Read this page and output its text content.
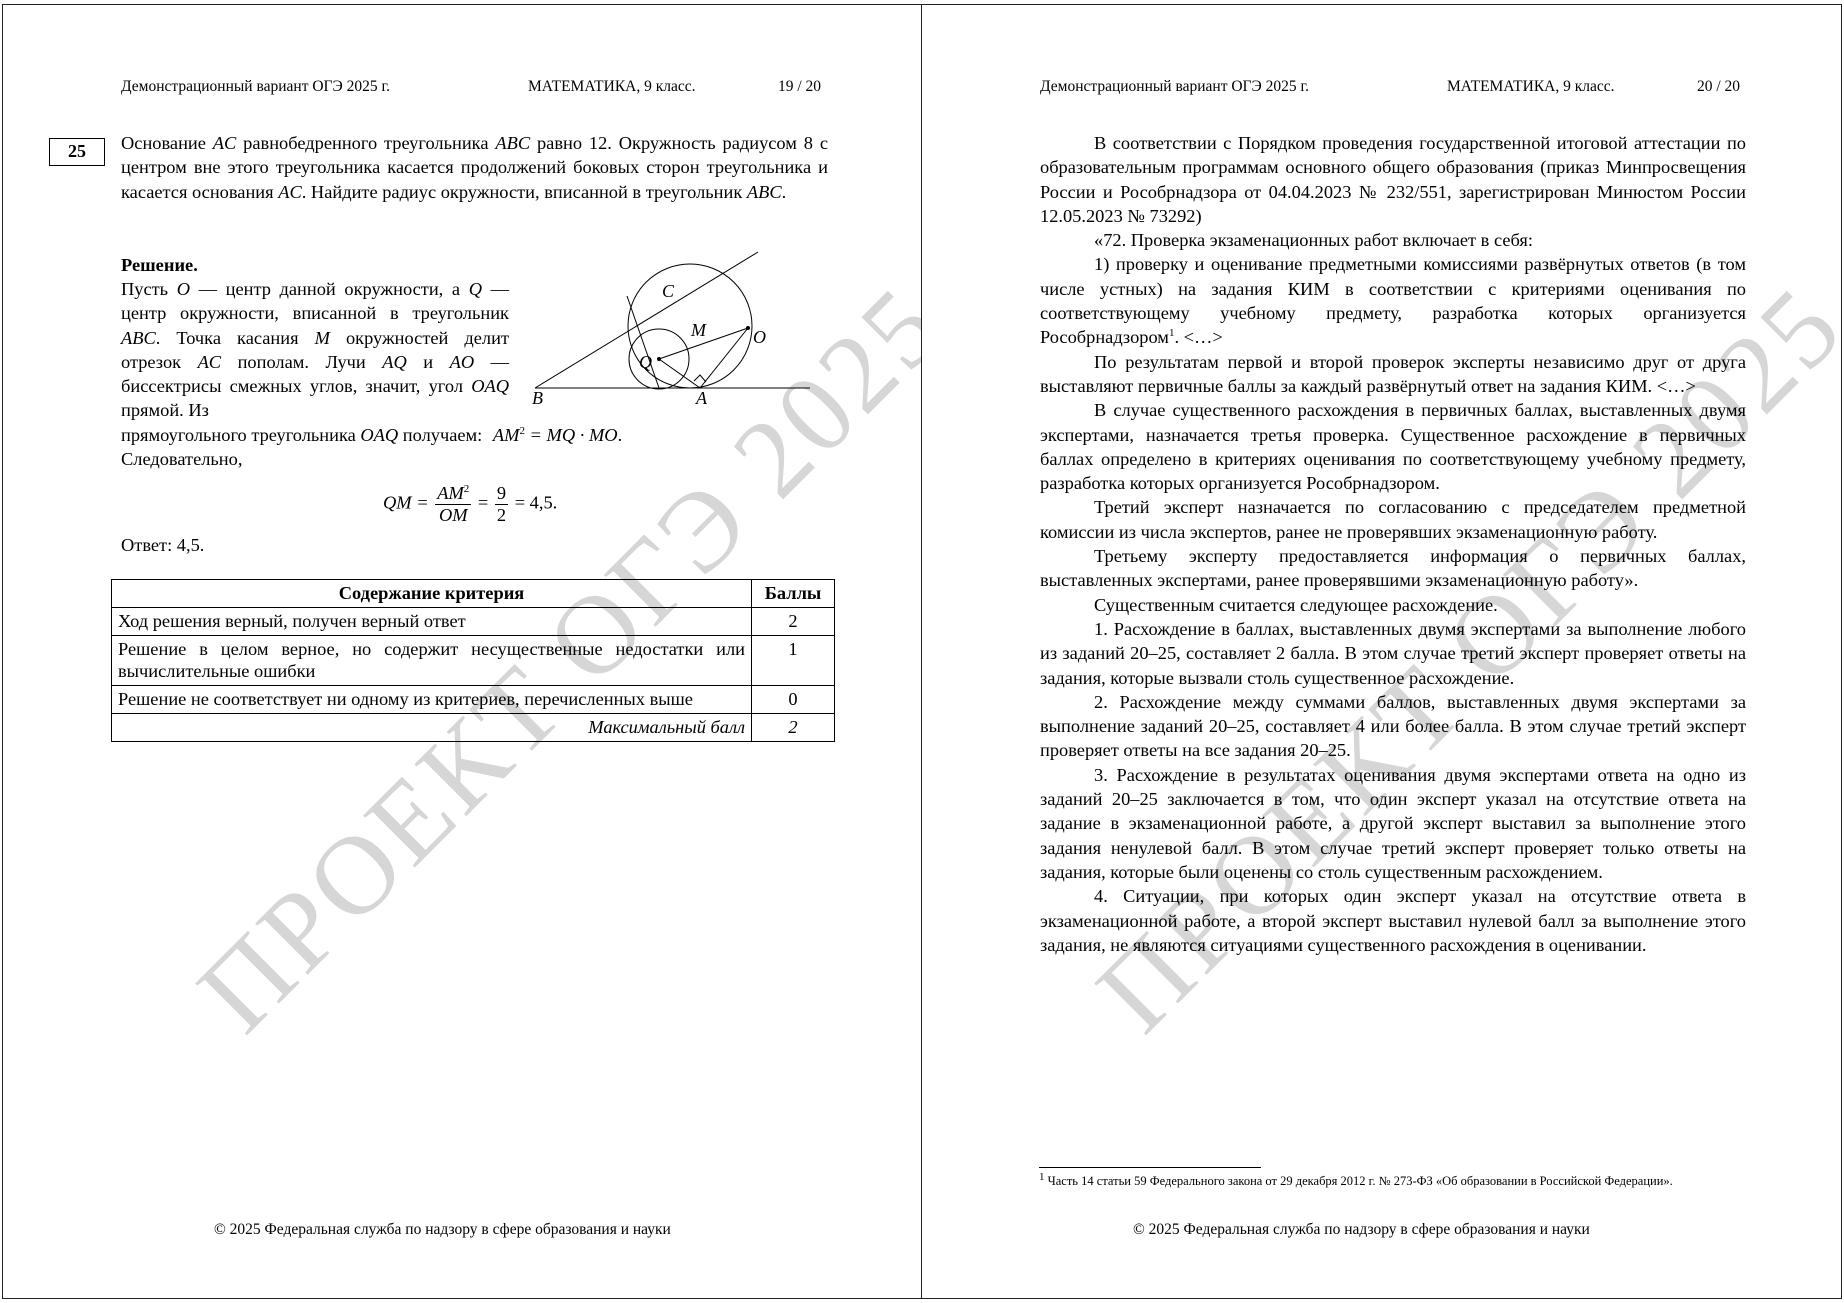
ПРОЕКТ ОГЭ 2025
Демонстрационный вариант ОГЭ 2025 г.	МАТЕМАТИКА, 9 класс.	19 / 20
25	Основание AC равнобедренного треугольника ABC равно 12. Окружность радиусом 8 с центром вне этого треугольника касается продолжений боковых сторон треугольника и касается основания AC. Найдите радиус окружности, вписанной в треугольник ABC.

Решение.

Пусть O — центр данной окружности, а Q — центр окружности, вписанной в треугольник ABC. Точка касания M окружностей делит отрезок AC пополам. Лучи AQ и AO — биссектрисы смежных углов, значит, угол OAQ прямой. Из

C
M	O
Q
B	A

прямоугольного треугольника OAQ получаем: $AM^2$ = MQ · MO.

Следовательно,

QM = $\frac{AM^2}{OM} = \frac{9}{2} = 4,5$.
Ответ: 4,5.
Содержание критерия	Баллы
Ход решения верный, получен верный ответ	2
Решение в целом верное, но содержит несущественные недостатки или вычислительные ошибки	1
Решение не соответствует ни одному из критериев, перечисленных выше	0
Максимальный балл	2
© 2025 Федеральная служба по надзору в сфере образования и науки
ПРОЕКТ ОГЭ 2025
Демонстрационный вариант ОГЭ 2025 г.	МАТЕМАТИКА, 9 класс.	20 / 20

В соответствии с Порядком проведения государственной итоговой аттестации по образовательным программам основного общего образования (приказ Минпросвещения России и Рособрнадзора от 04.04.2023 № 232/551, зарегистрирован Минюстом России 12.05.2023 № 73292)

«72. Проверка экзаменационных работ включает в себя:

1) проверку и оценивание предметными комиссиями развёрнутых ответов (в том числе устных) на задания КИМ в соответствии с критериями оценивания по соответствующему учебному предмету, разработка которых организуется Рособрнадзором$^1$. <…>

По результатам первой и второй проверок эксперты независимо друг от друга выставляют первичные баллы за каждый развёрнутый ответ на задания КИМ. <…>

В случае существенного расхождения в первичных баллах, выставленных двумя экспертами, назначается третья проверка. Существенное расхождение в первичных баллах определено в критериях оценивания по соответствующему учебному предмету, разработка которых организуется Рособрнадзором.

Третий эксперт назначается по согласованию с председателем предметной комиссии из числа экспертов, ранее не проверявших экзаменационную работу.

Третьему эксперту предоставляется информация о первичных баллах, выставленных экспертами, ранее проверявшими экзаменационную работу».

Существенным считается следующее расхождение.

1. Расхождение в баллах, выставленных двумя экспертами за выполнение любого из заданий 20–25, составляет 2 балла. В этом случае третий эксперт проверяет ответы на задания, которые вызвали столь существенное расхождение.

2. Расхождение между суммами баллов, выставленных двумя экспертами за выполнение заданий 20–25, составляет 4 или более балла. В этом случае третий эксперт проверяет ответы на все задания 20–25.

3. Расхождение в результатах оценивания двумя экспертами ответа на одно из заданий 20–25 заключается в том, что один эксперт указал на отсутствие ответа на задание в экзаменационной работе, а другой эксперт выставил за выполнение этого задания ненулевой балл. В этом случае третий эксперт проверяет только ответы на задания, которые были оценены со столь существенным расхождением.

4. Ситуации, при которых один эксперт указал на отсутствие ответа в экзаменационной работе, а второй эксперт выставил нулевой балл за выполнение этого задания, не являются ситуациями существенного расхождения в оценивании.

$^1$ Часть 14 статьи 59 Федерального закона от 29 декабря 2012 г. № 273-ФЗ «Об образовании в Российской Федерации».
© 2025 Федеральная служба по надзору в сфере образования и науки
